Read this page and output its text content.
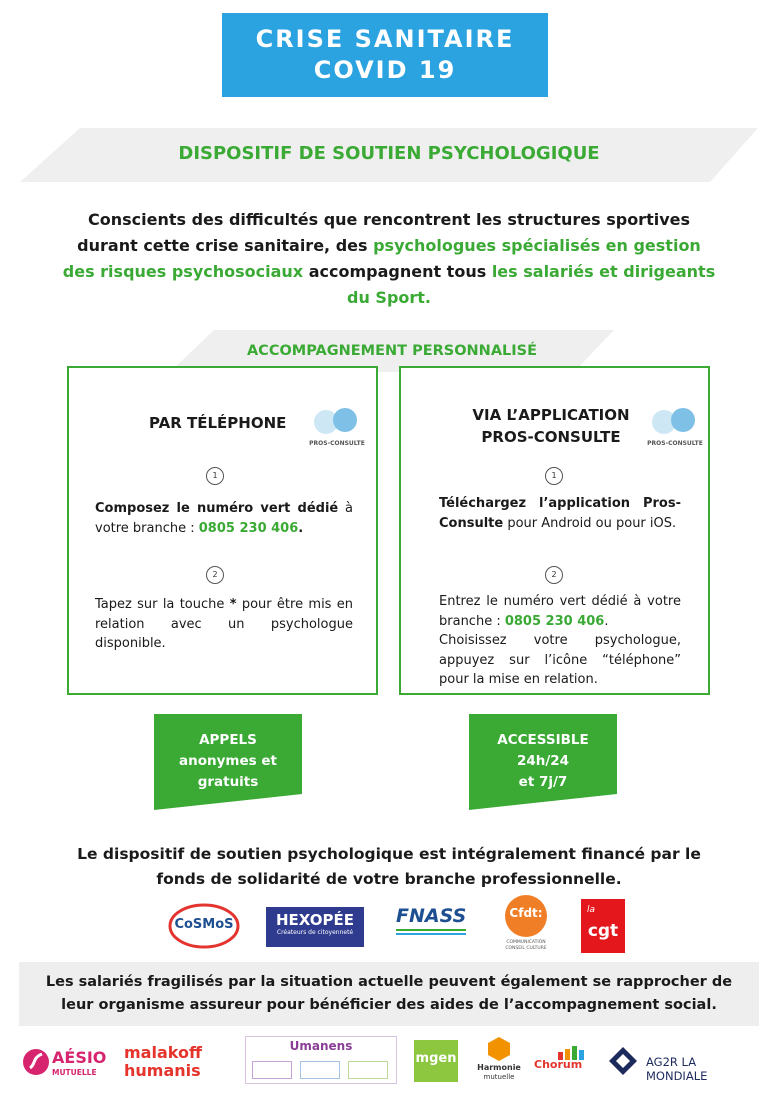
CRISE SANITAIRE
COVID 19
DISPOSITIF DE SOUTIEN PSYCHOLOGIQUE
Conscients des difficultés que rencontrent les structures sportives durant cette crise sanitaire, des psychologues spécialisés en gestion des risques psychosociaux accompagnent tous les salariés et dirigeants du Sport.
ACCOMPAGNEMENT PERSONNALISÉ
PAR TÉLÉPHONE
PROS-CONSULTE
1
Composez le numéro vert dédié à votre branche : 0805 230 406.
2
Tapez sur la touche * pour être mis en relation avec un psychologue disponible.
VIA L’APPLICATION
PROS-CONSULTE	PROS-CONSULTE
1
Téléchargez l’application Pros-Consulte pour Android ou pour iOS.
2
Entrez le numéro vert dédié à votre branche : 0805 230 406.
Choisissez votre psychologue, appuyez sur l’icône “téléphone” pour la mise en relation.
APPELS
anonymes et
gratuits
ACCESSIBLE
24h/24
et 7j/7
Le dispositif de soutien psychologique est intégralement financé par le fonds de solidarité de votre branche professionnelle.
CoSMoS	HEXOPÉE
Créateurs de citoyenneté
FNASS	Cfdt:
COMMUNICATION CONSEIL CULTURE
la
cgt
Les salariés fragilisés par la situation actuelle peuvent également se rapprocher de leur organisme assureur pour bénéficier des aides de l’accompagnement social.
AÉSIO
MUTUELLE
malakoff
humanis
Umanens
mgen
Harmonie
mutuelle
Chorum	AG2R LA MONDIALE
